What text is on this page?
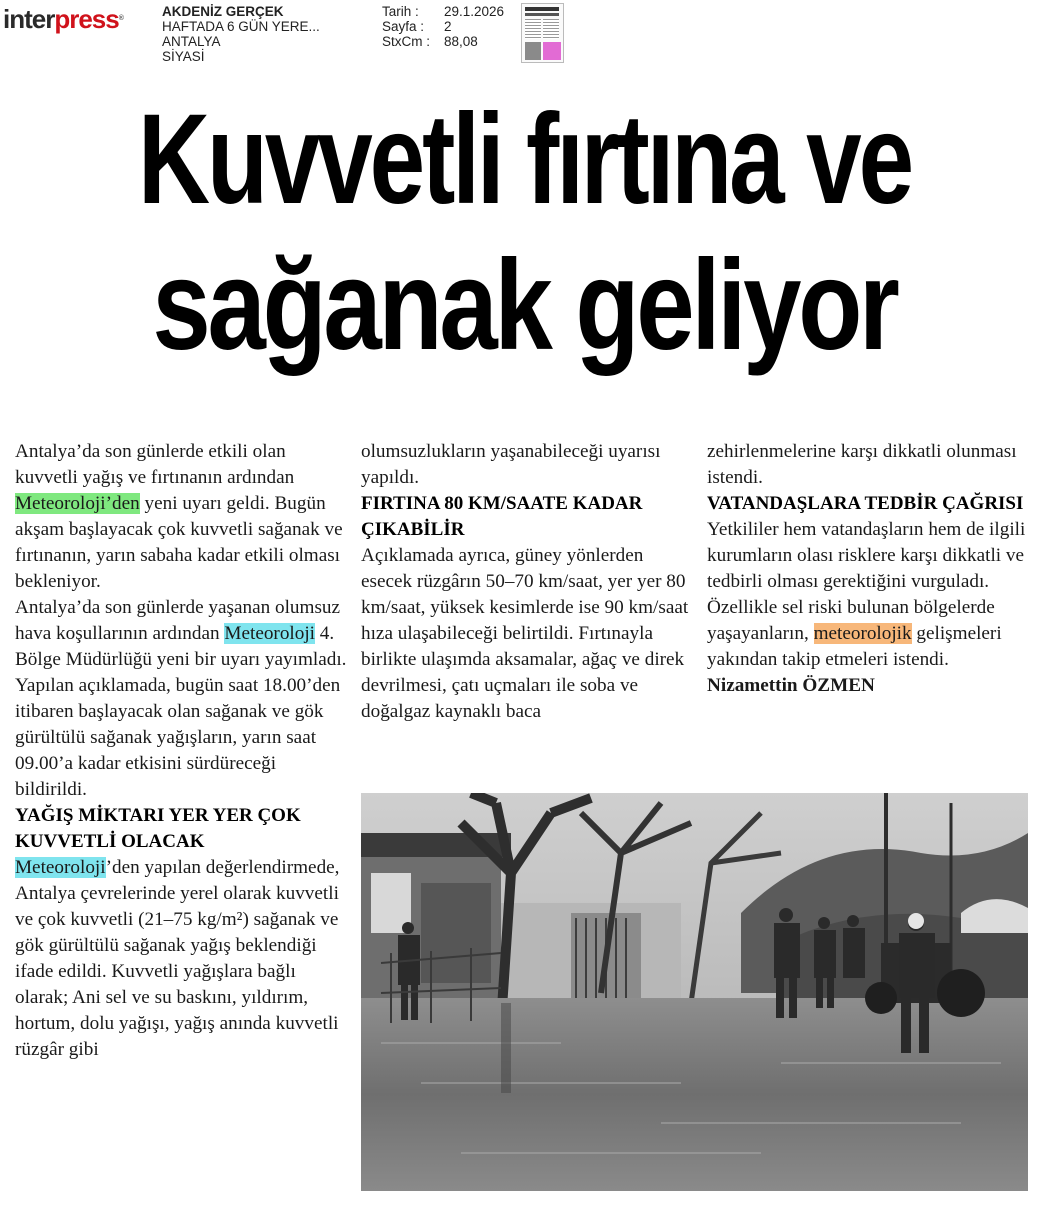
interpress®	AKDENİZ GERÇEK
HAFTADA 6 GÜN YERE...
ANTALYA
SİYASİ
Tarih :	29.1.2026
Sayfa :	2
StxCm :	88,08
Kuvvetli fırtına ve
sağanak geliyor

Antalya’da son günlerde etkili olan kuvvetli yağış ve fırtınanın ardından Meteoroloji’den yeni uyarı geldi. Bugün akşam başlayacak çok kuvvetli sağanak ve fırtınanın, yarın sabaha kadar etkili olması bekleniyor.

Antalya’da son günlerde yaşanan olumsuz hava koşullarının ardından Meteoroloji 4. Bölge Müdürlüğü yeni bir uyarı yayımladı. Yapılan açıklamada, bugün saat 18.00’den itibaren başlayacak olan sağanak ve gök gürültülü sağanak yağışların, yarın saat 09.00’a kadar etkisini sürdüreceği bildirildi.

YAĞIŞ MİKTARI YER YER ÇOK KUVVETLİ OLACAK

Meteoroloji’den yapılan değerlendirmede, Antalya çevrelerinde yerel olarak kuvvetli ve çok kuvvetli (21–75 kg/m²) sağanak ve gök gürültülü sağanak yağış beklendiği ifade edildi. Kuvvetli yağışlara bağlı olarak; Ani sel ve su baskını, yıldırım, hortum, dolu yağışı, yağış anında kuvvetli rüzgâr gibi

olumsuzlukların yaşanabileceği uyarısı yapıldı.

FIRTINA 80 KM/SAATE KADAR ÇIKABİLİR

Açıklamada ayrıca, güney yönlerden esecek rüzgârın 50–70 km/saat, yer yer 80 km/saat, yüksek kesimlerde ise 90 km/saat hıza ulaşabileceği belirtildi. Fırtınayla birlikte ulaşımda aksamalar, ağaç ve direk devrilmesi, çatı uçmaları ile soba ve doğalgaz kaynaklı baca

zehirlenmelerine karşı dikkatli olunması istendi.

VATANDAŞLARA TEDBİR ÇAĞRISI

Yetkililer hem vatandaşların hem de ilgili kurumların olası risklere karşı dikkatli ve tedbirli olması gerektiğini vurguladı. Özellikle sel riski bulunan bölgelerde yaşayanların, meteorolojik gelişmeleri yakından takip etmeleri istendi.

Nizamettin ÖZMEN
